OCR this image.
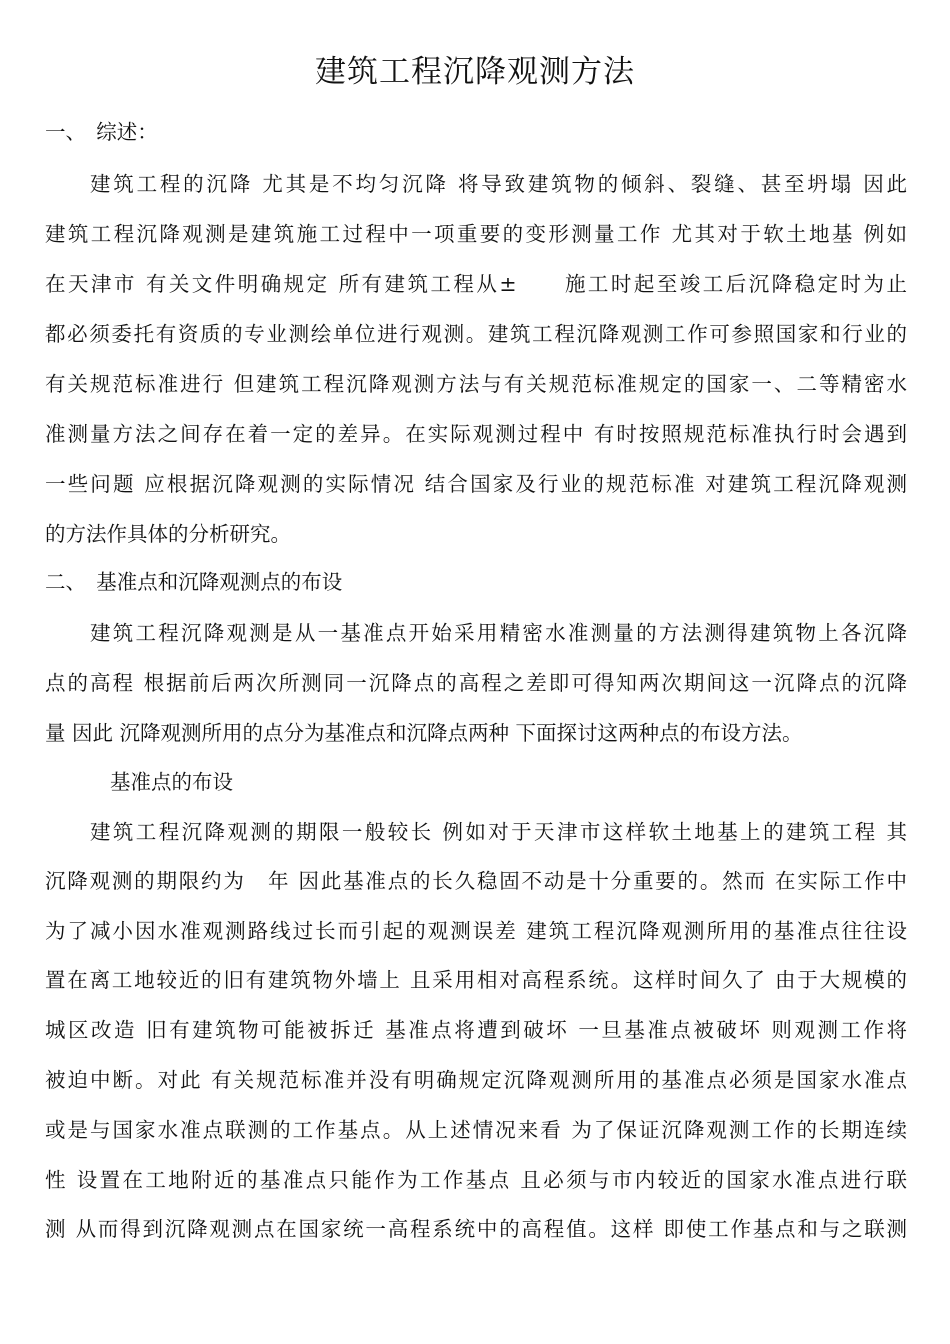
建筑工程沉降观测方法

一、　综述：

建筑工程的沉降 尤其是不均匀沉降 将导致建筑物的倾斜、裂缝、甚至坍塌 因此

建筑工程沉降观测是建筑施工过程中一项重要的变形测量工作 尤其对于软土地基 例如

在天津市 有关文件明确规定 所有建筑工程从±　　施工时起至竣工后沉降稳定时为止

都必须委托有资质的专业测绘单位进行观测。建筑工程沉降观测工作可参照国家和行业的

有关规范标准进行 但建筑工程沉降观测方法与有关规范标准规定的国家一、二等精密水

准测量方法之间存在着一定的差异。在实际观测过程中 有时按照规范标准执行时会遇到

一些问题 应根据沉降观测的实际情况 结合国家及行业的规范标准 对建筑工程沉降观测

的方法作具体的分析研究。

二、　基准点和沉降观测点的布设

建筑工程沉降观测是从一基准点开始采用精密水准测量的方法测得建筑物上各沉降

点的高程 根据前后两次所测同一沉降点的高程之差即可得知两次期间这一沉降点的沉降

量 因此 沉降观测所用的点分为基准点和沉降点两种 下面探讨这两种点的布设方法。

基准点的布设

建筑工程沉降观测的期限一般较长 例如对于天津市这样软土地基上的建筑工程 其

沉降观测的期限约为　年 因此基准点的长久稳固不动是十分重要的。然而 在实际工作中

为了减小因水准观测路线过长而引起的观测误差 建筑工程沉降观测所用的基准点往往设

置在离工地较近的旧有建筑物外墙上 且采用相对高程系统。这样时间久了 由于大规模的

城区改造 旧有建筑物可能被拆迁 基准点将遭到破坏 一旦基准点被破坏 则观测工作将

被迫中断。对此 有关规范标准并没有明确规定沉降观测所用的基准点必须是国家水准点

或是与国家水准点联测的工作基点。从上述情况来看 为了保证沉降观测工作的长期连续

性 设置在工地附近的基准点只能作为工作基点 且必须与市内较近的国家水准点进行联

测 从而得到沉降观测点在国家统一高程系统中的高程值。这样 即使工作基点和与之联测
